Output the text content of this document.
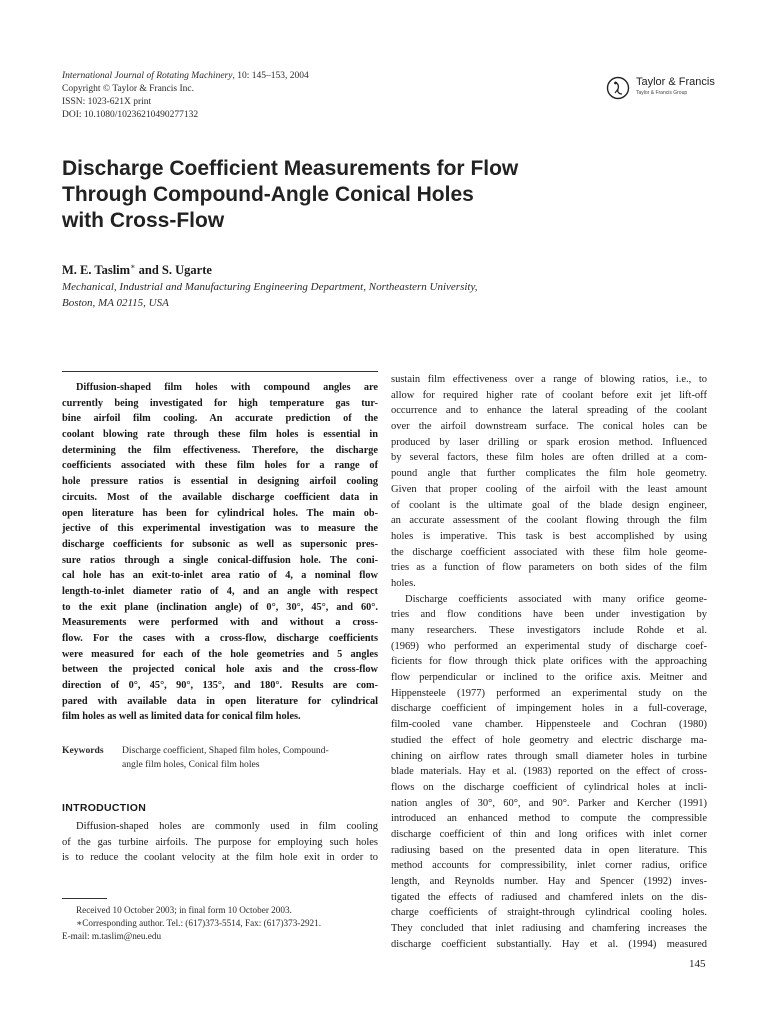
International Journal of Rotating Machinery, 10: 145–153, 2004
Copyright © Taylor & Francis Inc.
ISSN: 1023-621X print
DOI: 10.1080/10236210490277132
Taylor & Francis
Taylor & Francis Group
Discharge Coefficient Measurements for Flow
Through Compound-Angle Conical Holes
with Cross-Flow
M. E. Taslim∗ and S. Ugarte
Mechanical, Industrial and Manufacturing Engineering Department, Northeastern University,
Boston, MA 02115, USA
Diffusion-shaped film holes with compound angles are
currently being investigated for high temperature gas tur-
bine airfoil film cooling. An accurate prediction of the
coolant blowing rate through these film holes is essential in
determining the film effectiveness. Therefore, the discharge
coefficients associated with these film holes for a range of
hole pressure ratios is essential in designing airfoil cooling
circuits. Most of the available discharge coefficient data in
open literature has been for cylindrical holes. The main ob-
jective of this experimental investigation was to measure the
discharge coefficients for subsonic as well as supersonic pres-
sure ratios through a single conical-diffusion hole. The coni-
cal hole has an exit-to-inlet area ratio of 4, a nominal flow
length-to-inlet diameter ratio of 4, and an angle with respect
to the exit plane (inclination angle) of 0°, 30°, 45°, and 60°.
Measurements were performed with and without a cross-
flow. For the cases with a cross-flow, discharge coefficients
were measured for each of the hole geometries and 5 angles
between the projected conical hole axis and the cross-flow
direction of 0°, 45°, 90°, 135°, and 180°. Results are com-
pared with available data in open literature for cylindrical
film holes as well as limited data for conical film holes.
Keywords Discharge coefficient, Shaped film holes, Compound-
angle film holes, Conical film holes
INTRODUCTION
Diffusion-shaped holes are commonly used in film cooling
of the gas turbine airfoils. The purpose for employing such holes
is to reduce the coolant velocity at the film hole exit in order to
Received 10 October 2003; in final form 10 October 2003.
∗Corresponding author. Tel.: (617)373-5514, Fax: (617)373-2921.
E-mail: m.taslim@neu.edu
sustain film effectiveness over a range of blowing ratios, i.e., to
allow for required higher rate of coolant before exit jet lift-off
occurrence and to enhance the lateral spreading of the coolant
over the airfoil downstream surface. The conical holes can be
produced by laser drilling or spark erosion method. Influenced
by several factors, these film holes are often drilled at a com-
pound angle that further complicates the film hole geometry.
Given that proper cooling of the airfoil with the least amount
of coolant is the ultimate goal of the blade design engineer,
an accurate assessment of the coolant flowing through the film
holes is imperative. This task is best accomplished by using
the discharge coefficient associated with these film hole geome-
tries as a function of flow parameters on both sides of the film
holes.
Discharge coefficients associated with many orifice geome-
tries and flow conditions have been under investigation by
many researchers. These investigators include Rohde et al.
(1969) who performed an experimental study of discharge coef-
ficients for flow through thick plate orifices with the approaching
flow perpendicular or inclined to the orifice axis. Meitner and
Hippensteele (1977) performed an experimental study on the
discharge coefficient of impingement holes in a full-coverage,
film-cooled vane chamber. Hippensteele and Cochran (1980)
studied the effect of hole geometry and electric discharge ma-
chining on airflow rates through small diameter holes in turbine
blade materials. Hay et al. (1983) reported on the effect of cross-
flows on the discharge coefficient of cylindrical holes at incli-
nation angles of 30°, 60°, and 90°. Parker and Kercher (1991)
introduced an enhanced method to compute the compressible
discharge coefficient of thin and long orifices with inlet corner
radiusing based on the presented data in open literature. This
method accounts for compressibility, inlet corner radius, orifice
length, and Reynolds number. Hay and Spencer (1992) inves-
tigated the effects of radiused and chamfered inlets on the dis-
charge coefficients of straight-through cylindrical cooling holes.
They concluded that inlet radiusing and chamfering increases the
discharge coefficient substantially. Hay et al. (1994) measured
145
